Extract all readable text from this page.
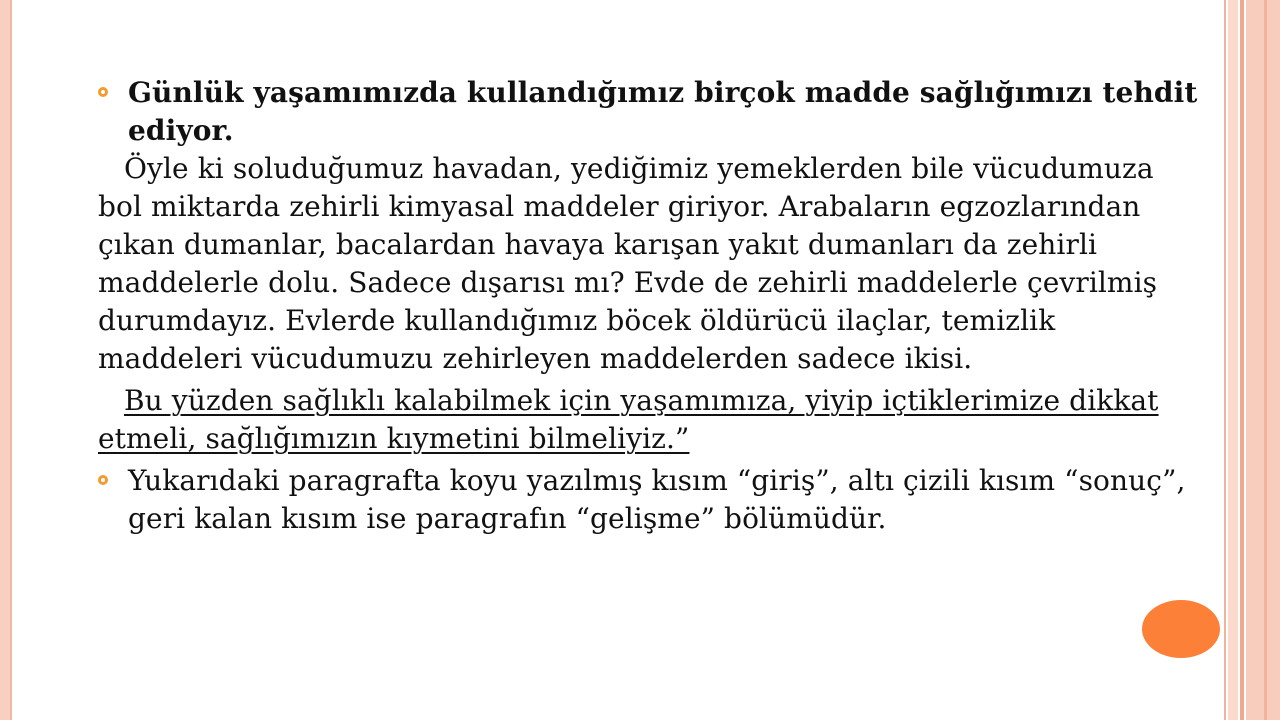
Günlük yaşamımızda kullandığımız birçok madde sağlığımızı tehdit ediyor.
Öyle ki soluduğumuz havadan, yediğimiz yemeklerden bile vücudumuza bol miktarda zehirli kimyasal maddeler giriyor. Arabaların egzozlarından çıkan dumanlar, bacalardan havaya karışan yakıt dumanları da zehirli maddelerle dolu. Sadece dışarısı mı? Evde de zehirli maddelerle çevrilmiş durumdayız. Evlerde kullandığımız böcek öldürücü ilaçlar, temizlik maddeleri vücudumuzu zehirleyen maddelerden sadece ikisi.
Bu yüzden sağlıklı kalabilmek için yaşamımıza, yiyip içtiklerimize dikkat etmeli, sağlığımızın kıymetini bilmeliyiz.”
Yukarıdaki paragrafta koyu yazılmış kısım “giriş”, altı çizili kısım “sonuç”, geri kalan kısım ise paragrafın “gelişme” bölümüdür.
